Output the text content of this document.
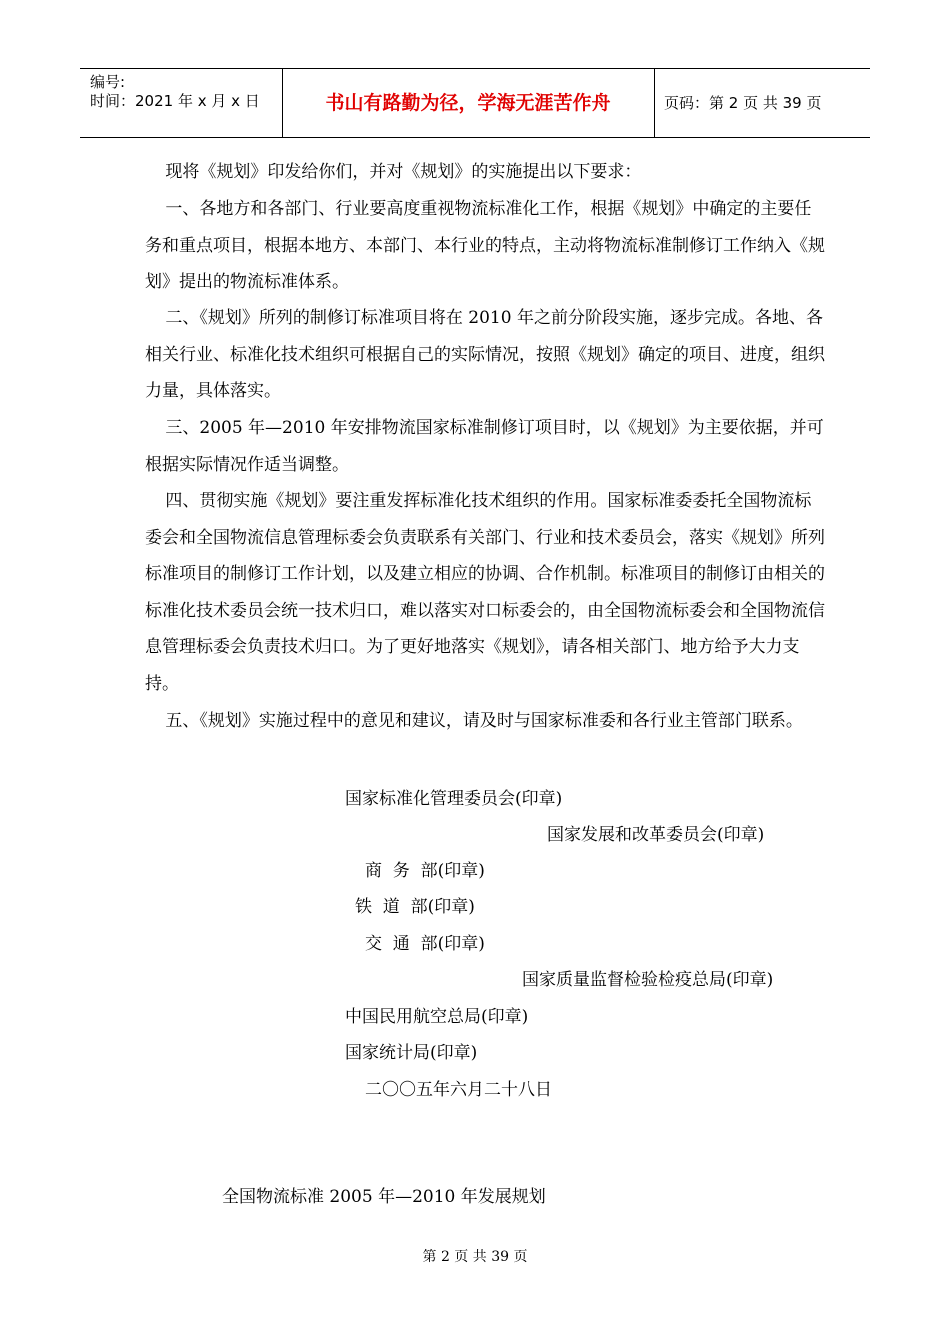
编号:
时间：2021 年 x 月 x 日	书山有路勤为径，学海无涯苦作舟	页码：第 2 页 共 39 页

现将《规划》印发给你们，并对《规划》的实施提出以下要求：

一、各地方和各部门、行业要高度重视物流标准化工作，根据《规划》中确定的主要任务和重点项目，根据本地方、本部门、本行业的特点，主动将物流标准制修订工作纳入《规划》提出的物流标准体系。

二、《规划》所列的制修订标准项目将在 2010 年之前分阶段实施，逐步完成。各地、各相关行业、标准化技术组织可根据自己的实际情况，按照《规划》确定的项目、进度，组织力量，具体落实。

三、2005 年—2010 年安排物流国家标准制修订项目时，以《规划》为主要依据，并可根据实际情况作适当调整。

四、贯彻实施《规划》要注重发挥标准化技术组织的作用。国家标准委委托全国物流标委会和全国物流信息管理标委会负责联系有关部门、行业和技术委员会，落实《规划》所列标准项目的制修订工作计划，以及建立相应的协调、合作机制。标准项目的制修订由相关的标准化技术委员会统一技术归口，难以落实对口标委会的，由全国物流标委会和全国物流信息管理标委会负责技术归口。为了更好地落实《规划》，请各相关部门、地方给予大力支持。

五、《规划》实施过程中的意见和建议，请及时与国家标准委和各行业主管部门联系。

国家标准化管理委员会(印章)
国家发展和改革委员会(印章)
商  务  部(印章)
铁  道  部(印章)
交  通  部(印章)
国家质量监督检验检疫总局(印章)
中国民用航空总局(印章)
国家统计局(印章)
二〇〇五年六月二十八日
全国物流标准 2005 年—2010 年发展规划
第 2 页 共 39 页
